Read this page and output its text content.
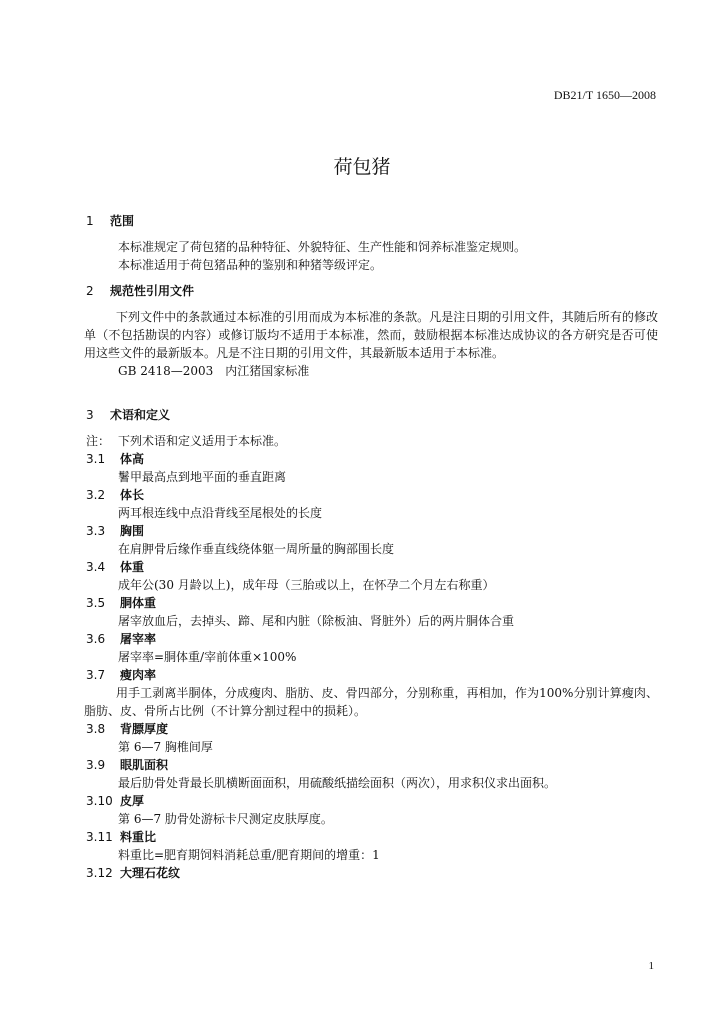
DB21/T 1650—2008
荷包猪
1 范围
本标准规定了荷包猪的品种特征、外貌特征、生产性能和饲养标准鉴定规则。
本标准适用于荷包猪品种的鉴别和种猪等级评定。
2 规范性引用文件
下列文件中的条款通过本标准的引用而成为本标准的条款。凡是注日期的引用文件，其随后所有的修改单（不包括勘误的内容）或修订版均不适用于本标准，然而，鼓励根据本标准达成协议的各方研究是否可使用这些文件的最新版本。凡是不注日期的引用文件，其最新版本适用于本标准。
GB 2418—2003　内江猪国家标准
3 术语和定义
注： 下列术语和定义适用于本标准。
3.1 体高
鬐甲最高点到地平面的垂直距离
3.2 体长
两耳根连线中点沿背线至尾根处的长度
3.3 胸围
在肩胛骨后缘作垂直线绕体躯一周所量的胸部围长度
3.4 体重
成年公(30 月龄以上)，成年母（三胎或以上，在怀孕二个月左右称重）
3.5 胴体重
屠宰放血后，去掉头、蹄、尾和内脏（除板油、肾脏外）后的两片胴体合重
3.6 屠宰率
屠宰率=胴体重/宰前体重×100%
3.7 瘦肉率
用手工剥离半胴体，分成瘦肉、脂肪、皮、骨四部分，分别称重，再相加，作为100%分别计算瘦肉、脂肪、皮、骨所占比例（不计算分割过程中的损耗）。
3.8 背膘厚度
第 6—7 胸椎间厚
3.9 眼肌面积
最后肋骨处背最长肌横断面面积，用硫酸纸描绘面积（两次），用求积仪求出面积。
3.10 皮厚
第 6—7 肋骨处游标卡尺测定皮肤厚度。
3.11 料重比
料重比=肥育期饲料消耗总重/肥育期间的增重：1
3.12 大理石花纹
1
